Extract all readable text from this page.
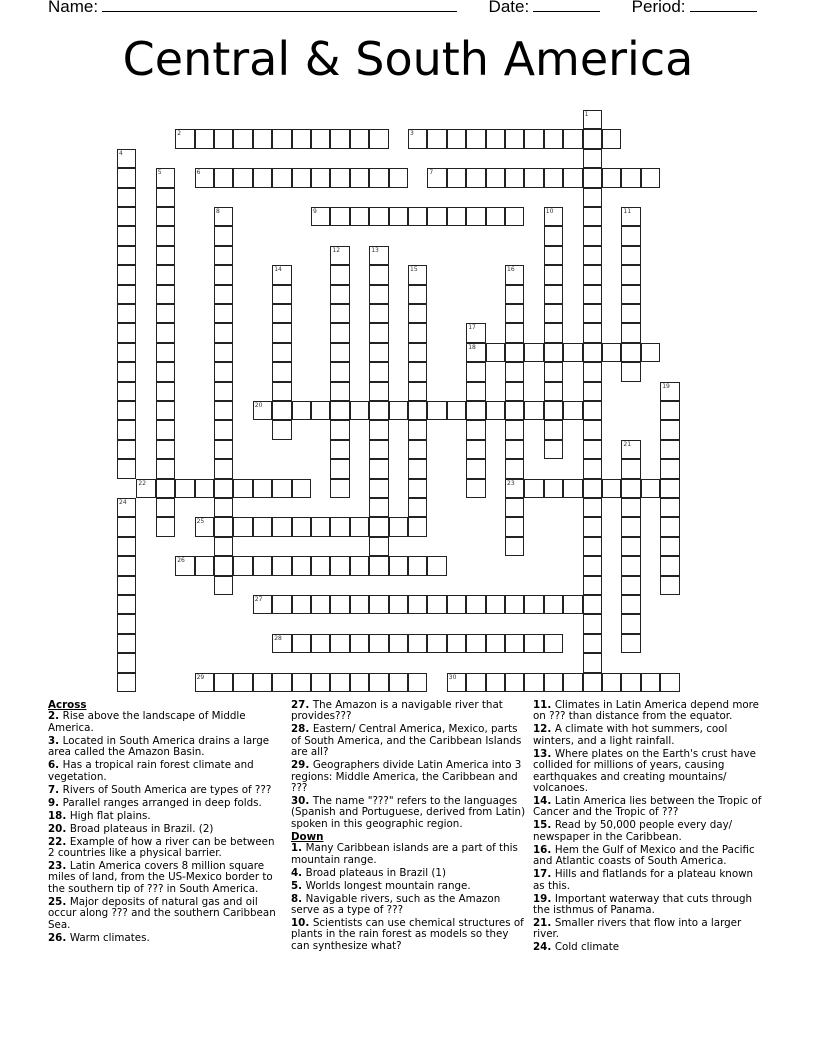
Name:	Date:	Period:
Central & South America
1
2	3
4
5	6	7
8	9	10	11
12	13
14	15	16
23
17
18
19
20
21
22
24
25
26
27
28
29	30
Across
2. Rise above the landscape of Middle America.
3. Located in South America drains a large area called the Amazon Basin.
6. Has a tropical rain forest climate and vegetation.
7. Rivers of South America are types of ???
9. Parallel ranges arranged in deep folds.
18. High flat plains.
20. Broad plateaus in Brazil. (2)
22. Example of how a river can be between 2 countries like a physical barrier.
23. Latin America covers 8 million square miles of land, from the US-Mexico border to the southern tip of ??? in South America.
25. Major deposits of natural gas and oil occur along ??? and the southern Caribbean Sea.
26. Warm climates.
27. The Amazon is a navigable river that provides???
28. Eastern/ Central America, Mexico, parts of South America, and the Caribbean Islands are all?
29. Geographers divide Latin America into 3 regions: Middle America, the Caribbean and ???
30. The name "???" refers to the languages (Spanish and Portuguese, derived from Latin) spoken in this geographic region.
Down
1. Many Caribbean islands are a part of this mountain range.
4. Broad plateaus in Brazil (1)
5. Worlds longest mountain range.
8. Navigable rivers, such as the Amazon serve as a type of ???
10. Scientists can use chemical structures of plants in the rain forest as models so they can synthesize what?
11. Climates in Latin America depend more on ??? than distance from the equator.
12. A climate with hot summers, cool winters, and a light rainfall.
13. Where plates on the Earth's crust have collided for millions of years, causing earthquakes and creating mountains/ volcanoes.
14. Latin America lies between the Tropic of Cancer and the Tropic of ???
15. Read by 50,000 people every day/ newspaper in the Caribbean.
16. Hem the Gulf of Mexico and the Pacific and Atlantic coasts of South America.
17. Hills and flatlands for a plateau known as this.
19. Important waterway that cuts through the isthmus of Panama.
21. Smaller rivers that flow into a larger river.
24. Cold climate
